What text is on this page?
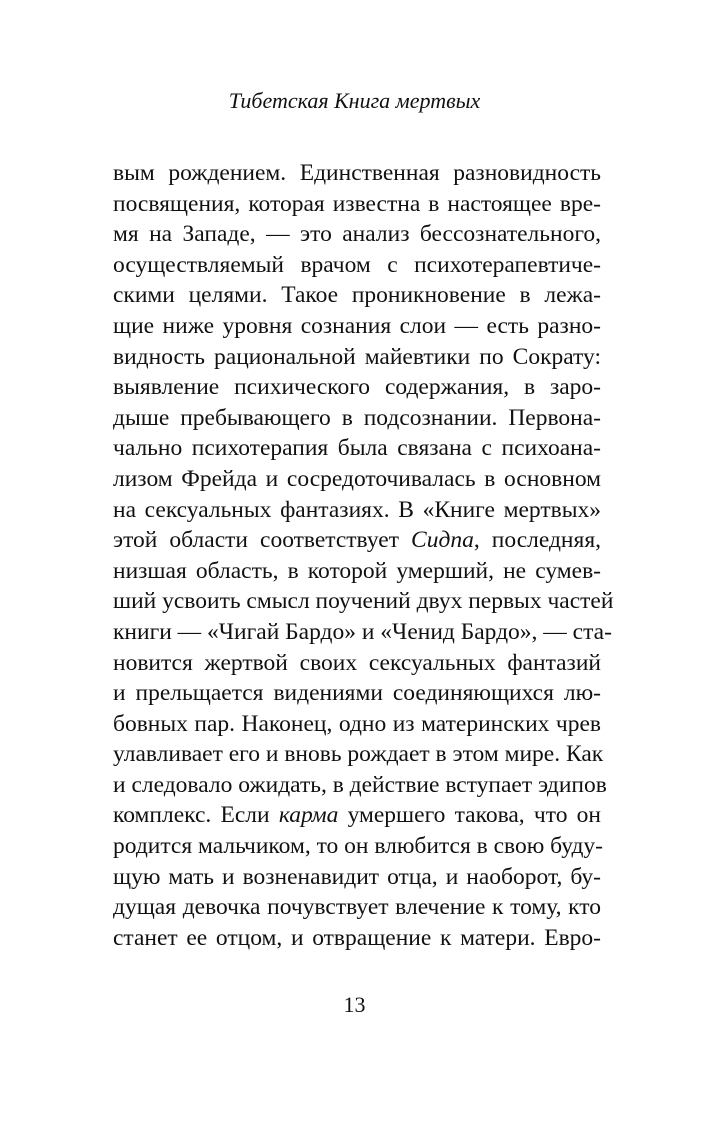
Тибетская Книга мертвых
вым рождением. Единственная разновидность
посвящения, которая известна в настоящее вре-
мя на Западе, — это анализ бессознательного,
осуществляемый врачом с психотерапевтиче-
скими целями. Такое проникновение в лежа-
щие ниже уровня сознания слои — есть разно-
видность рациональной майевтики по Сократу:
выявление психического содержания, в заро-
дыше пребывающего в подсознании. Первона-
чально психотерапия была связана с психоана-
лизом Фрейда и сосредоточивалась в основном
на сексуальных фантазиях. В «Книге мертвых»
этой области соответствует Сидпа, последняя,
низшая область, в которой умерший, не сумев-
ший усвоить смысл поучений двух первых частей
книги — «Чигай Бардо» и «Ченид Бардо», — ста-
новится жертвой своих сексуальных фантазий
и прельщается видениями соединяющихся лю-
бовных пар. Наконец, одно из материнских чрев
улавливает его и вновь рождает в этом мире. Как
и следовало ожидать, в действие вступает эдипов
комплекс. Если карма умершего такова, что он
родится мальчиком, то он влюбится в свою буду-
щую мать и возненавидит отца, и наоборот, бу-
дущая девочка почувствует влечение к тому, кто
станет ее отцом, и отвращение к матери. Евро-
13
